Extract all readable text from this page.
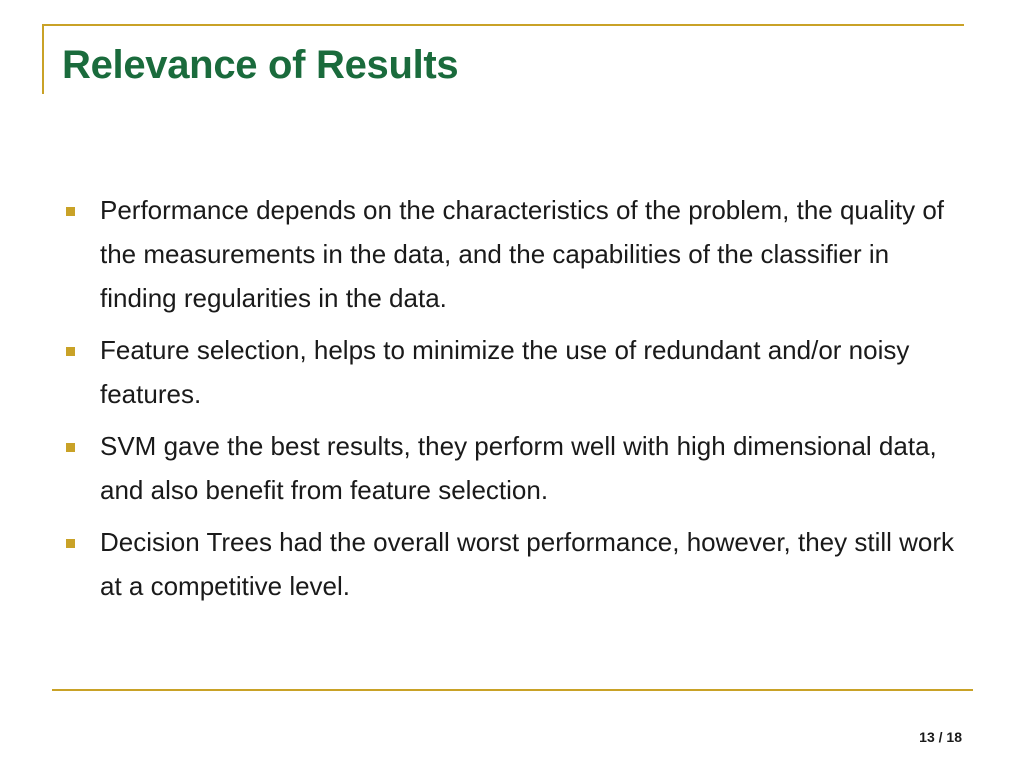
Relevance of Results
Performance depends on the characteristics of the problem, the quality of the measurements in the data, and the capabilities of the classifier in finding regularities in the data.
Feature selection, helps to minimize the use of redundant and/or noisy features.
SVM gave the best results, they perform well with high dimensional data, and also benefit from feature selection.
Decision Trees had the overall worst performance, however, they still work at a competitive level.
13 / 18
